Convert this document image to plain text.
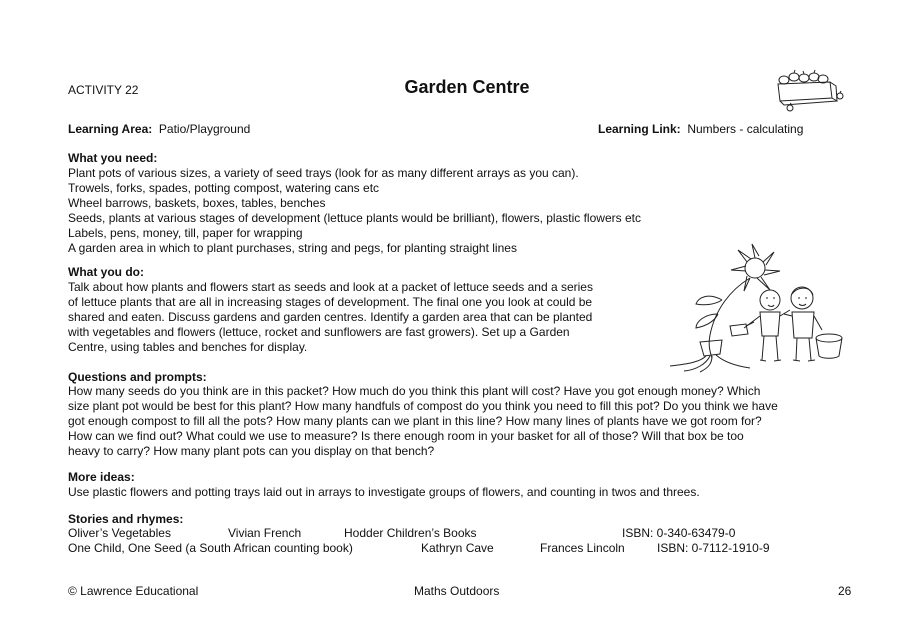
ACTIVITY 22	Garden Centre
Learning Area: Patio/Playground	Learning Link: Numbers - calculating
What you need:
Plant pots of various sizes, a variety of seed trays (look for as many different arrays as you can).
Trowels, forks, spades, potting compost, watering cans etc
Wheel barrows, baskets, boxes, tables, benches
Seeds, plants at various stages of development (lettuce plants would be brilliant), flowers, plastic flowers etc
Labels, pens, money, till, paper for wrapping
A garden area in which to plant purchases, string and pegs, for planting straight lines
What you do:
Talk about how plants and flowers start as seeds and look at a packet of lettuce seeds and a series
of lettuce plants that are all in increasing stages of development. The final one you look at could be
shared and eaten. Discuss gardens and garden centres. Identify a garden area that can be planted
with vegetables and flowers (lettuce, rocket and sunflowers are fast growers). Set up a Garden
Centre, using tables and benches for display.
Questions and prompts:
How many seeds do you think are in this packet? How much do you think this plant will cost? Have you got enough money? Which
size plant pot would be best for this plant? How many handfuls of compost do you think you need to fill this pot? Do you think we have
got enough compost to fill all the pots? How many plants can we plant in this line? How many lines of plants have we got room for?
How can we find out? What could we use to measure? Is there enough room in your basket for all of those? Will that box be too
heavy to carry? How many plant pots can you display on that bench?
More ideas:
Use plastic flowers and potting trays laid out in arrays to investigate groups of flowers, and counting in twos and threes.
Stories and rhymes:
Oliver’s Vegetables	Vivian French	Hodder Children’s Books	ISBN: 0-340-63479-0
One Child, One Seed (a South African counting book)	Kathryn Cave	Frances Lincoln	ISBN: 0-7112-1910-9
© Lawrence Educational	Maths Outdoors	26
